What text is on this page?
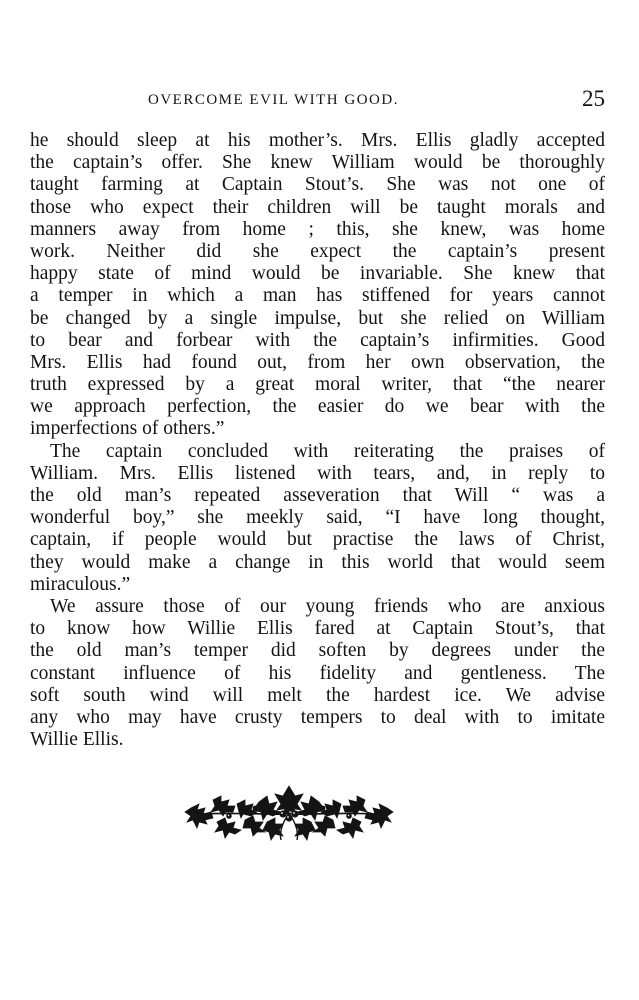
OVERCOME EVIL WITH GOOD.	25
he should sleep at his mother’s. Mrs. Ellis gladly accepted
the captain’s offer. She knew William would be thoroughly
taught farming at Captain Stout’s. She was not one of
those who expect their children will be taught morals and
manners away from home ; this, she knew, was home
work. Neither did she expect the captain’s present
happy state of mind would be invariable. She knew that
a temper in which a man has stiffened for years cannot
be changed by a single impulse, but she relied on William
to bear and forbear with the captain’s infirmities. Good
Mrs. Ellis had found out, from her own observation, the
truth expressed by a great moral writer, that “the nearer
we approach perfection, the easier do we bear with the
imperfections of others.”
The captain concluded with reiterating the praises of
William. Mrs. Ellis listened with tears, and, in reply to
the old man’s repeated asseveration that Will “ was a
wonderful boy,” she meekly said, “I have long thought,
captain, if people would but practise the laws of Christ,
they would make a change in this world that would seem
miraculous.”
We assure those of our young friends who are anxious
to know how Willie Ellis fared at Captain Stout’s, that
the old man’s temper did soften by degrees under the
constant influence of his fidelity and gentleness. The
soft south wind will melt the hardest ice. We advise
any who may have crusty tempers to deal with to imitate
Willie Ellis.
